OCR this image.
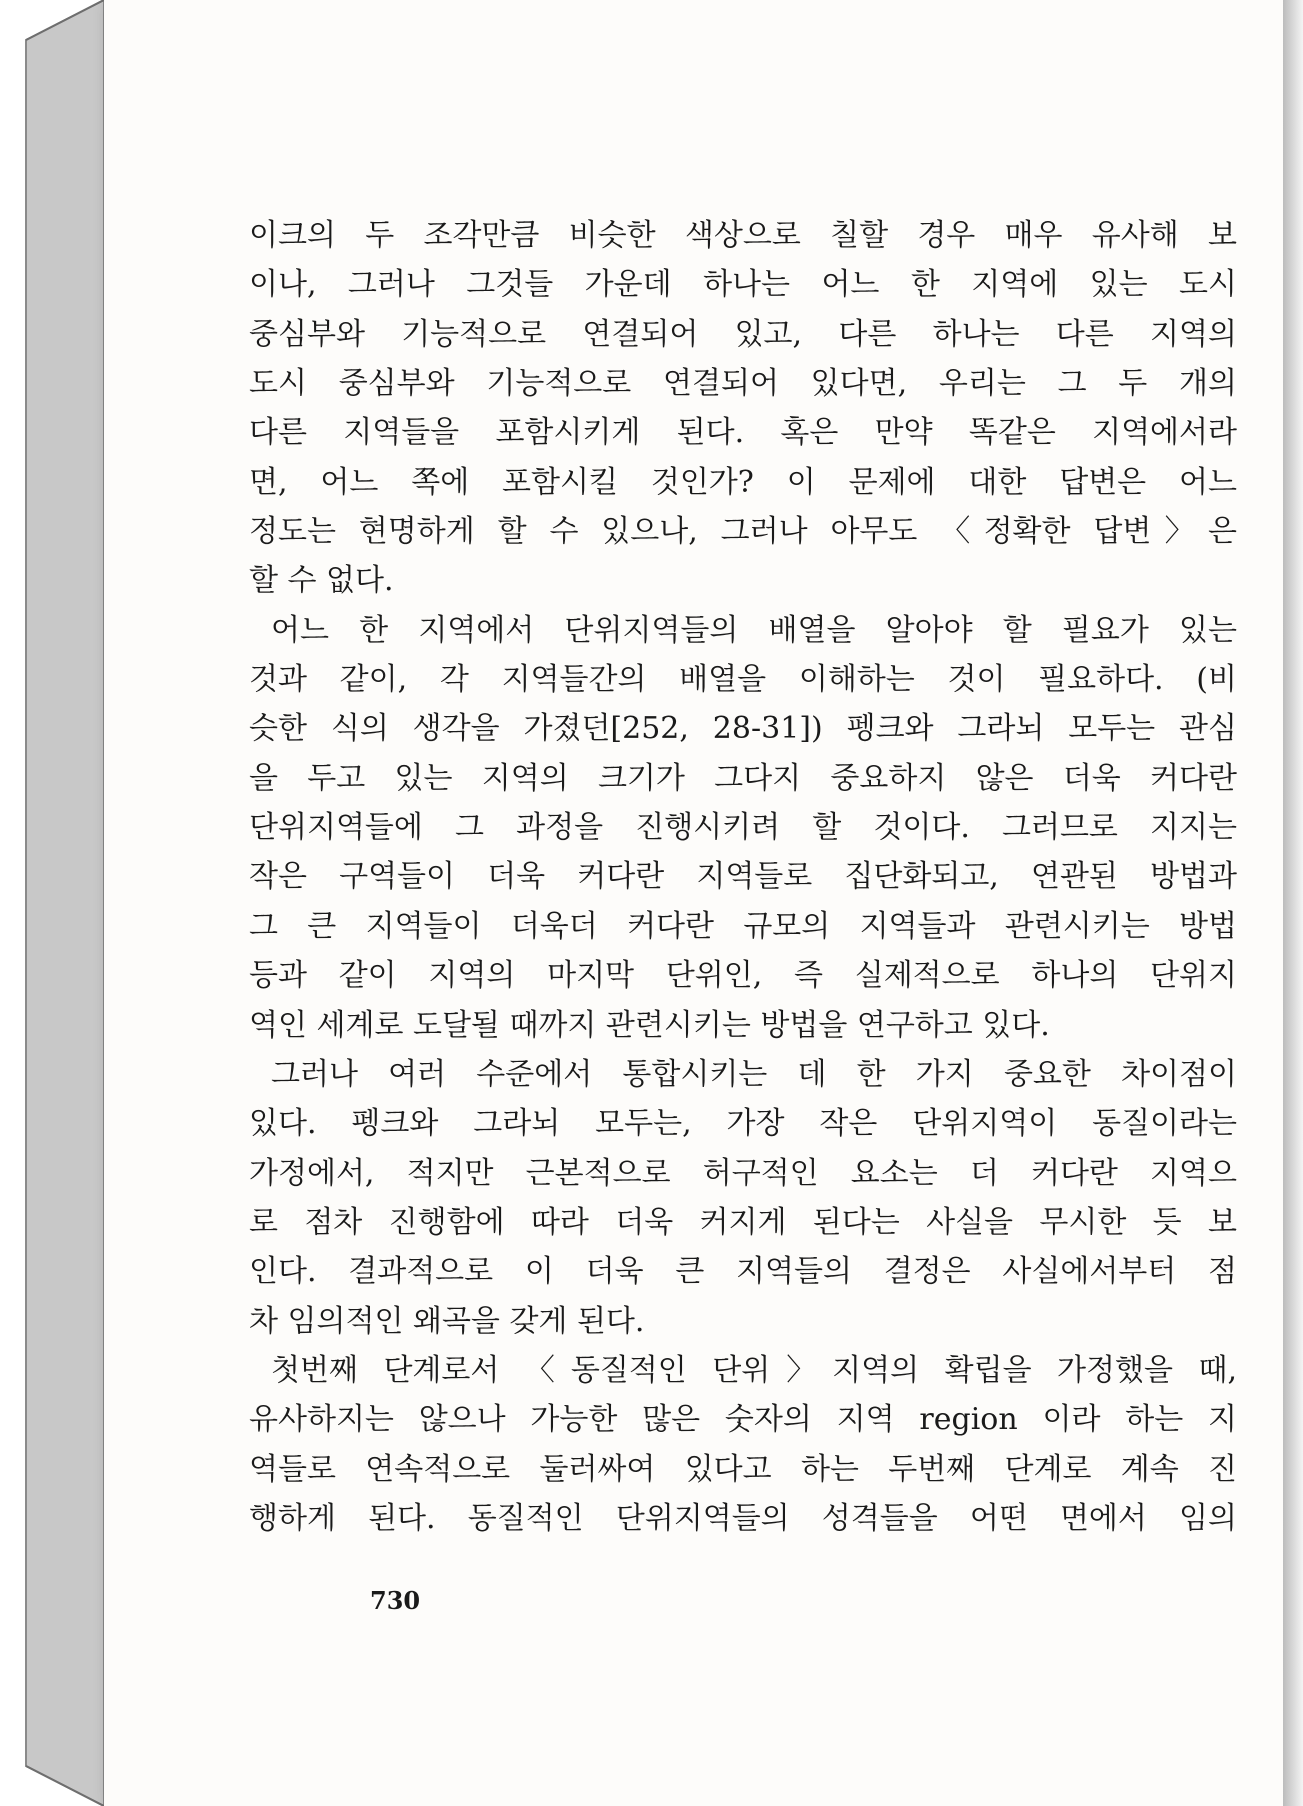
이크의 두 조각만큼 비슷한 색상으로 칠할 경우 매우 유사해 보
이나, 그러나 그것들 가운데 하나는 어느 한 지역에 있는 도시
중심부와 기능적으로 연결되어 있고, 다른 하나는 다른 지역의
도시 중심부와 기능적으로 연결되어 있다면, 우리는 그 두 개의
다른 지역들을 포함시키게 된다. 혹은 만약 똑같은 지역에서라
면, 어느 쪽에 포함시킬 것인가? 이 문제에 대한 답변은 어느
정도는 현명하게 할 수 있으나, 그러나 아무도 〈정확한 답변〉은
할 수 없다.
어느 한 지역에서 단위지역들의 배열을 알아야 할 필요가 있는
것과 같이, 각 지역들간의 배열을 이해하는 것이 필요하다. (비
슷한 식의 생각을 가졌던[252, 28-31]) 펭크와 그라뇌 모두는 관심
을 두고 있는 지역의 크기가 그다지 중요하지 않은 더욱 커다란
단위지역들에 그 과정을 진행시키려 할 것이다. 그러므로 지지는
작은 구역들이 더욱 커다란 지역들로 집단화되고, 연관된 방법과
그 큰 지역들이 더욱더 커다란 규모의 지역들과 관련시키는 방법
등과 같이 지역의 마지막 단위인, 즉 실제적으로 하나의 단위지
역인 세계로 도달될 때까지 관련시키는 방법을 연구하고 있다.
그러나 여러 수준에서 통합시키는 데 한 가지 중요한 차이점이
있다. 펭크와 그라뇌 모두는, 가장 작은 단위지역이 동질이라는
가정에서, 적지만 근본적으로 허구적인 요소는 더 커다란 지역으
로 점차 진행함에 따라 더욱 커지게 된다는 사실을 무시한 듯 보
인다. 결과적으로 이 더욱 큰 지역들의 결정은 사실에서부터 점
차 임의적인 왜곡을 갖게 된다.
첫번째 단계로서 〈동질적인 단위〉지역의 확립을 가정했을 때,
유사하지는 않으나 가능한 많은 숫자의 지역 region 이라 하는 지
역들로 연속적으로 둘러싸여 있다고 하는 두번째 단계로 계속 진
행하게 된다. 동질적인 단위지역들의 성격들을 어떤 면에서 임의
730
